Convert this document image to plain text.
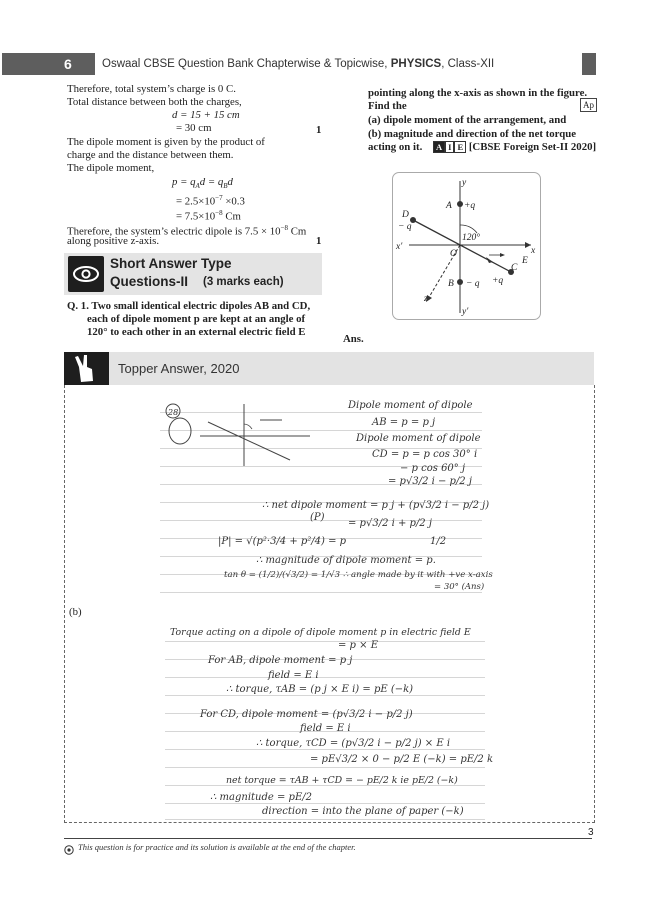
6	Oswaal CBSE Question Bank Chapterwise & Topicwise, PHYSICS, Class-XII
Therefore, total system’s charge is 0 C.
Total distance between both the charges,
d = 15 + 15 cm
= 30 cm	1
The dipole moment is given by the product of
charge and the distance between them.
The dipole moment,
$p = q_Ad = q_Bd$
= $2.5\times 10^{-7} \times 0.3$
= $7.5\times 10^{-8}$ Cm
Therefore, the system’s electric dipole is $7.5 \times 10^{-8}$ Cm
along positive z-axis.	1
Short Answer Type
Questions-II (3 marks each)
Q. 1. Two small identical electric dipoles AB and CD,
each of dipole moment p are kept at an angle of
120° to each other in an external electric field E
Ans.
pointing along the x-axis as shown in the figure.
Find the	Ap
(a) dipole moment of the arrangement, and
(b) magnitude and direction of the net torque
acting on it. A I E [CBSE Foreign Set-II 2020]
y
y′
x
x′
z
O
120°
E
A +q
B − q
C
+q
D
− q
Topper Answer, 2020
(b)
28
Dipole moment of dipole
AB = p = p j
Dipole moment of dipole
CD = p = p cos 30° i
− p cos 60° j
= p√3/2 i − p/2 j
∴ net dipole moment = p j + (p√3/2 i − p/2 j)
(P)
= p√3/2 i + p/2 j
|P| = √(p²·3/4 + p²/4) = p	1/2
∴ magnitude of dipole moment = p.
tan θ = (1/2)/(√3/2) = 1/√3 ∴ angle made by it with +ve x-axis
= 30° (Ans)
Torque acting on a dipole of dipole moment p in electric field E
= p × E
For AB, dipole moment = p j
field = E i
∴ torque, τAB = (p j × E i) = pE (−k)
For CD, dipole moment = (p√3/2 i − p/2 j)
field = E i
∴ torque, τCD = (p√3/2 i − p/2 j) × E i
= pE√3/2 × 0 − p/2 E (−k) = pE/2 k
net torque = τAB + τCD = − pE/2 k ie pE/2 (−k)
∴ magnitude = pE/2
direction = into the plane of paper (−k)
3
This question is for practice and its solution is available at the end of the chapter.
